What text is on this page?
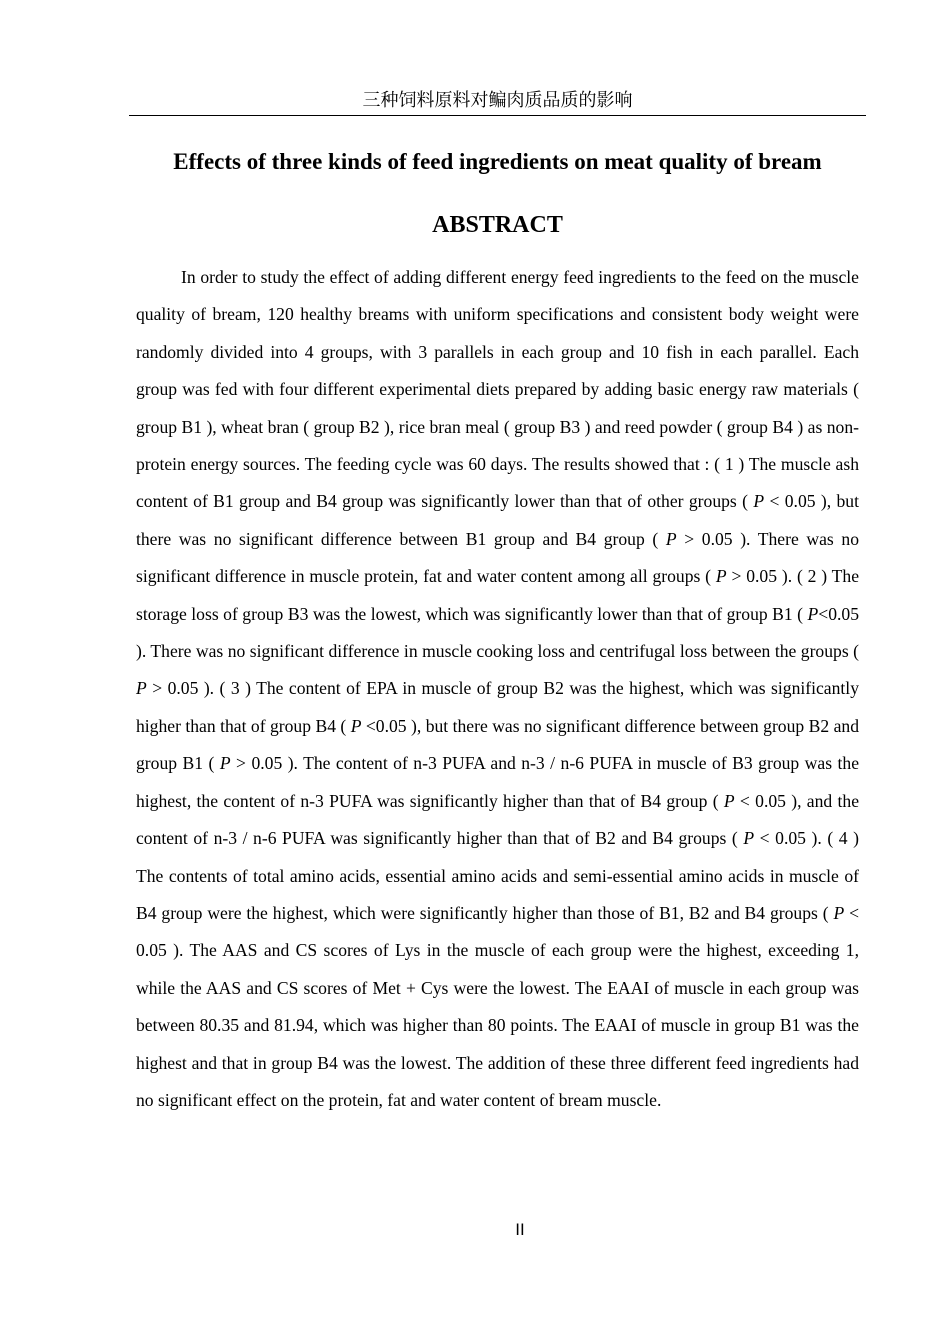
三种饲料原料对鳊肉质品质的影响
Effects of three kinds of feed ingredients on meat quality of bream
ABSTRACT

In order to study the effect of adding different energy feed ingredients to the feed on the muscle quality of bream, 120 healthy breams with uniform specifications and consistent body weight were randomly divided into 4 groups, with 3 parallels in each group and 10 fish in each parallel. Each group was fed with four different experimental diets prepared by adding basic energy raw materials ( group B1 ), wheat bran ( group B2 ), rice bran meal ( group B3 ) and reed powder ( group B4 ) as non-protein energy sources. The feeding cycle was 60 days. The results showed that : ( 1 ) The muscle ash content of B1 group and B4 group was significantly lower than that of other groups ( P < 0.05 ), but there was no significant difference between B1 group and B4 group ( P > 0.05 ). There was no significant difference in muscle protein, fat and water content among all groups ( P > 0.05 ). ( 2 ) The storage loss of group B3 was the lowest, which was significantly lower than that of group B1 ( P<0.05 ). There was no significant difference in muscle cooking loss and centrifugal loss between the groups ( P > 0.05 ). ( 3 ) The content of EPA in muscle of group B2 was the highest, which was significantly higher than that of group B4 ( P <0.05 ), but there was no significant difference between group B2 and group B1 ( P > 0.05 ). The content of n-3 PUFA and n-3 / n-6 PUFA in muscle of B3 group was the highest, the content of n-3 PUFA was significantly higher than that of B4 group ( P < 0.05 ), and the content of n-3 / n-6 PUFA was significantly higher than that of B2 and B4 groups ( P < 0.05 ). ( 4 ) The contents of total amino acids, essential amino acids and semi-essential amino acids in muscle of B4 group were the highest, which were significantly higher than those of B1, B2 and B4 groups ( P < 0.05 ). The AAS and CS scores of Lys in the muscle of each group were the highest, exceeding 1, while the AAS and CS scores of Met + Cys were the lowest. The EAAI of muscle in each group was between 80.35 and 81.94, which was higher than 80 points. The EAAI of muscle in group B1 was the highest and that in group B4 was the lowest. The addition of these three different feed ingredients had no significant effect on the protein, fat and water content of bream muscle.

II
